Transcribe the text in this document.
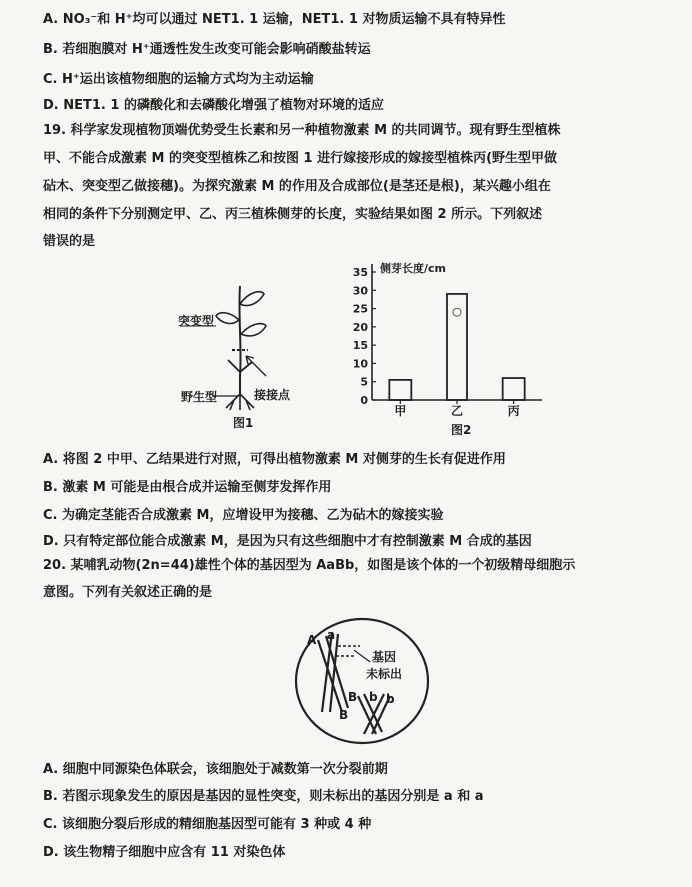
A. NO₃⁻和 H⁺均可以通过 NET1. 1 运输，NET1. 1 对物质运输不具有特异性
B. 若细胞膜对 H⁺通透性发生改变可能会影响硝酸盐转运
C. H⁺运出该植物细胞的运输方式均为主动运输
D. NET1. 1 的磷酸化和去磷酸化增强了植物对环境的适应
19. 科学家发现植物顶端优势受生长素和另一种植物激素 M 的共同调节。现有野生型植株
甲、不能合成激素 M 的突变型植株乙和按图 1 进行嫁接形成的嫁接型植株丙(野生型甲做
砧木、突变型乙做接穗)。为探究激素 M 的作用及合成部位(是茎还是根)，某兴趣小组在
相同的条件下分别测定甲、乙、丙三植株侧芽的长度，实验结果如图 2 所示。下列叙述
错误的是
突变型
野生型	接接点
图1
0
5
10
15
20
25
30
35 侧芽长度/cm
甲	乙	丙
图2
A. 将图 2 中甲、乙结果进行对照，可得出植物激素 M 对侧芽的生长有促进作用
B. 激素 M 可能是由根合成并运输至侧芽发挥作用
C. 为确定茎能否合成激素 M，应增设甲为接穗、乙为砧木的嫁接实验
D. 只有特定部位能合成激素 M，是因为只有这些细胞中才有控制激素 M 合成的基因
20. 某哺乳动物(2n=44)雄性个体的基因型为 AaBb，如图是该个体的一个初级精母细胞示
意图。下列有关叙述正确的是
A a
基因
未标出
B b b
B
A. 细胞中同源染色体联会，该细胞处于减数第一次分裂前期
B. 若图示现象发生的原因是基因的显性突变，则未标出的基因分别是 a 和 a
C. 该细胞分裂后形成的精细胞基因型可能有 3 种或 4 种
D. 该生物精子细胞中应含有 11 对染色体
